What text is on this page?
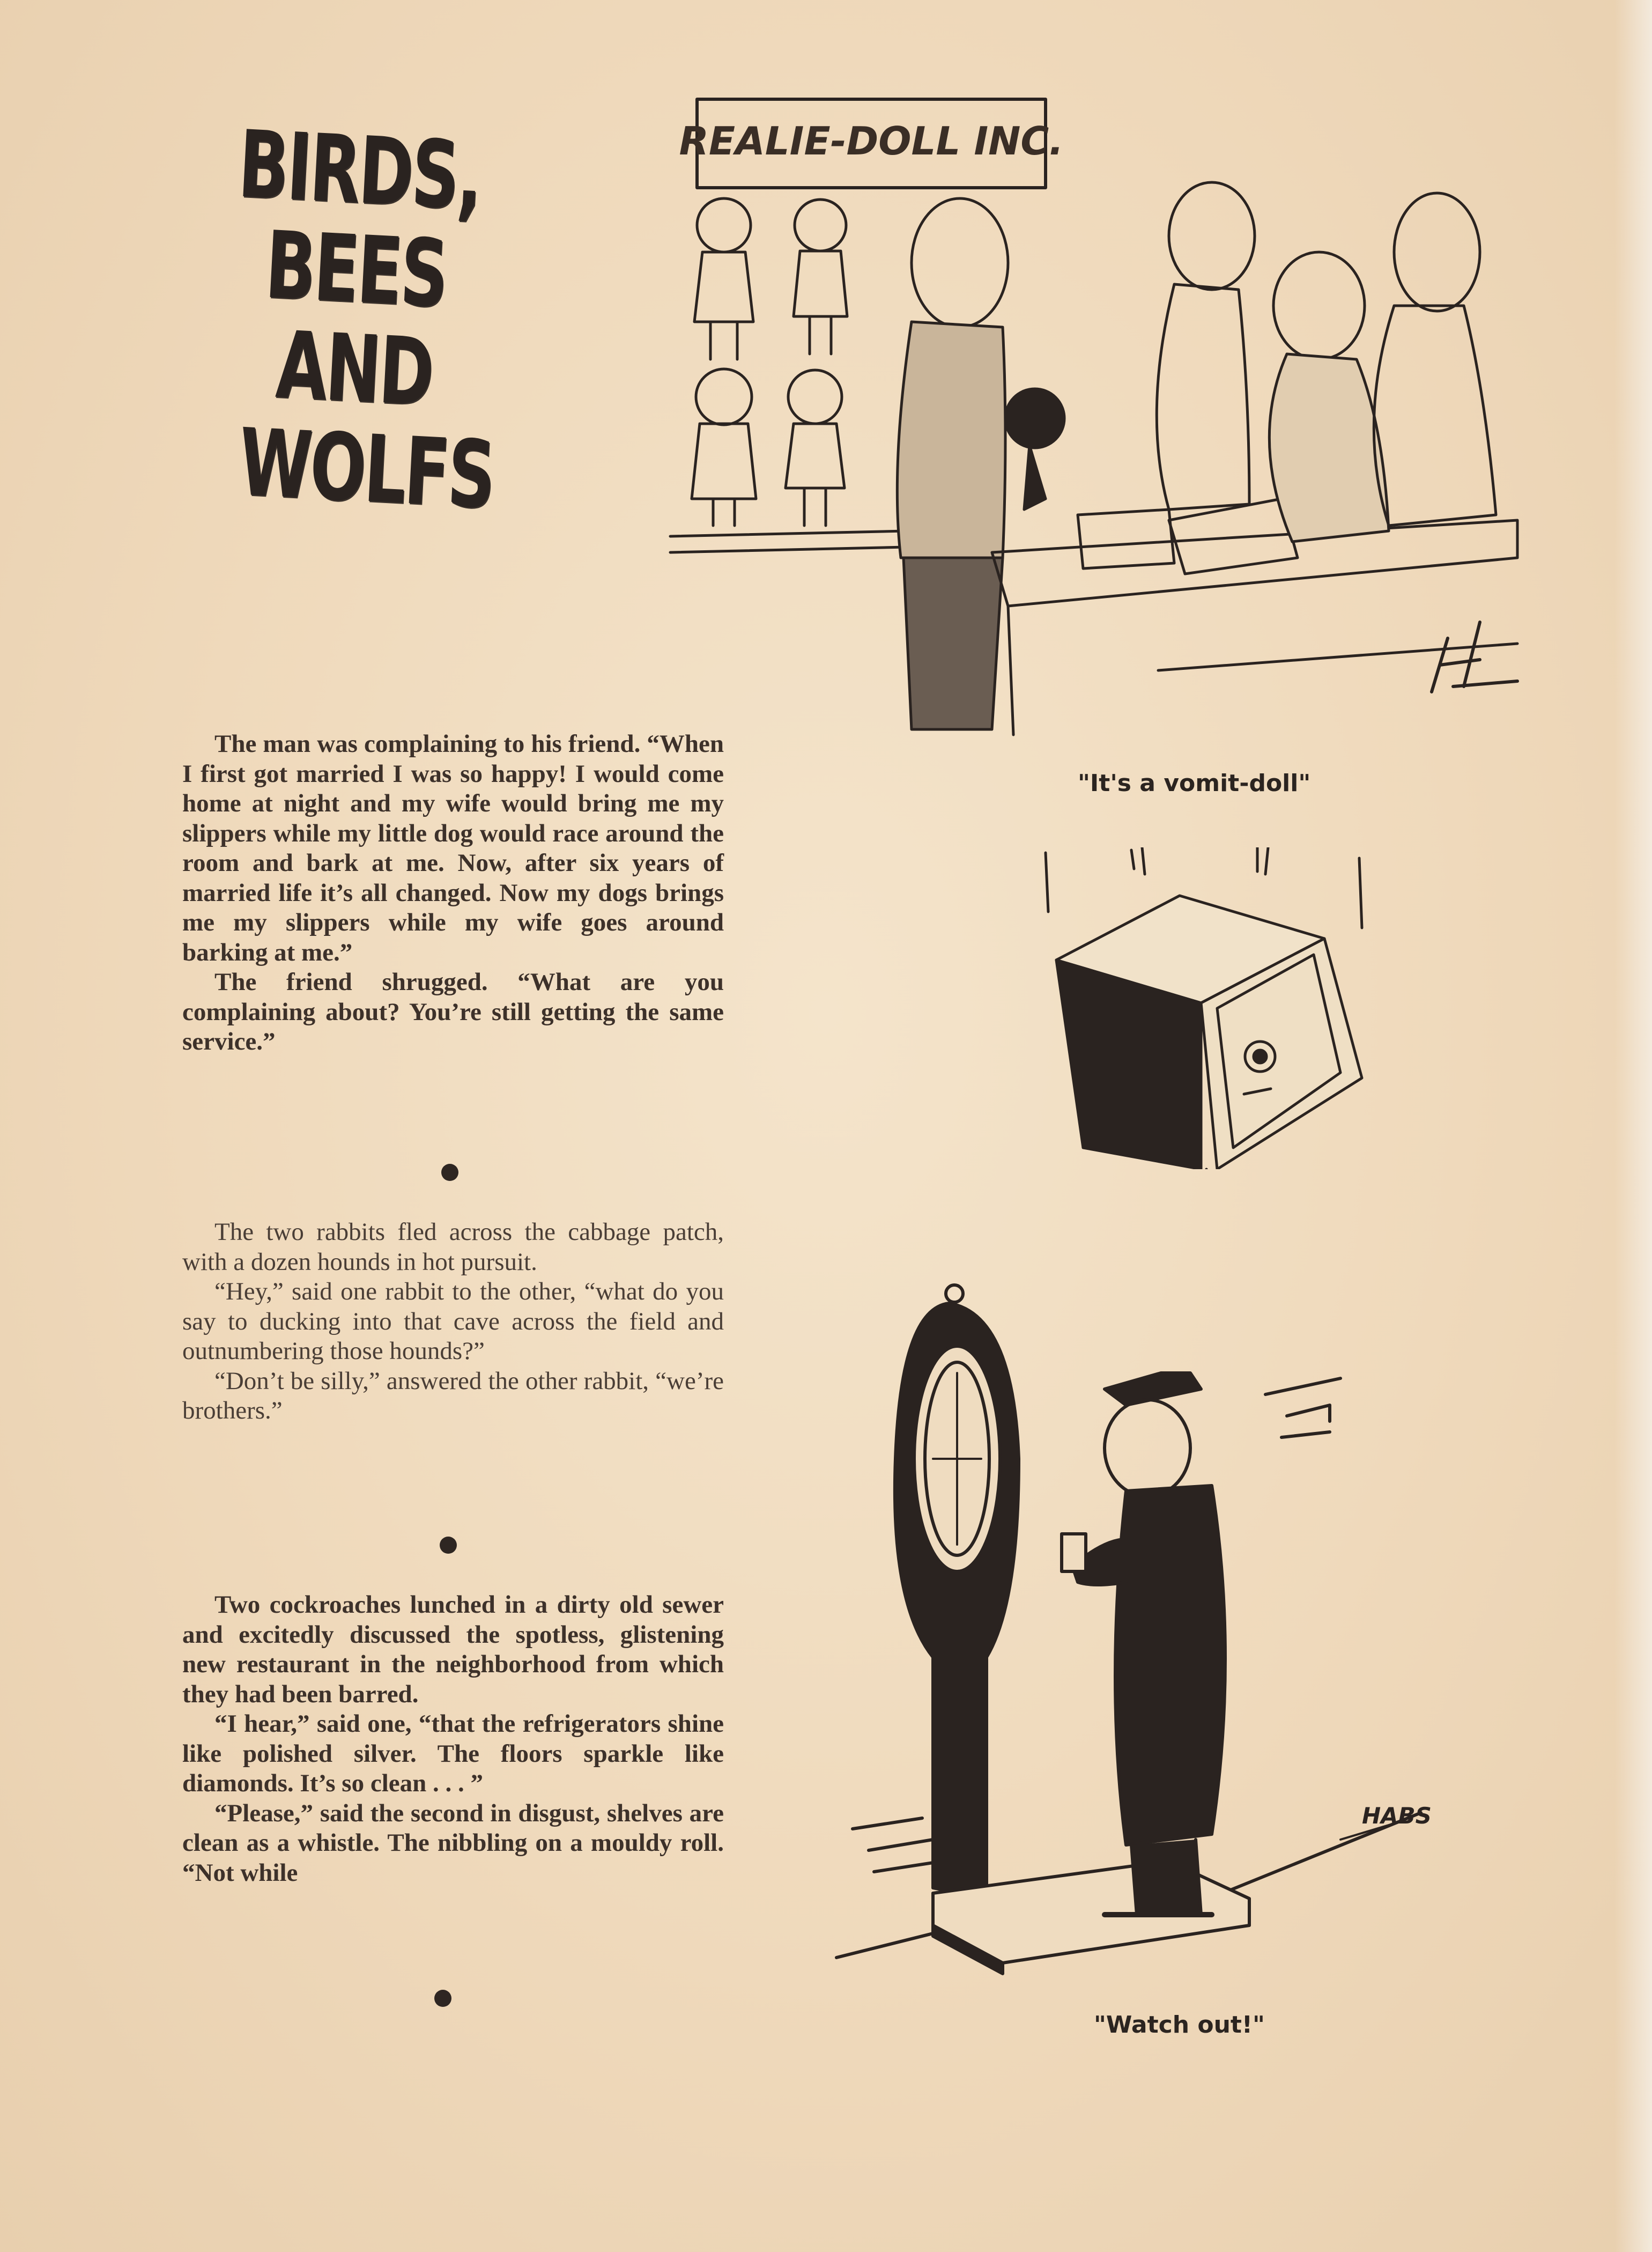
BIRDS,
BEES
AND
WOLFS

The man was complaining to his friend. “When I first got married I was so happy! I would come home at night and my wife would bring me my slippers while my little dog would race around the room and bark at me. Now, after six years of married life it’s all changed. Now my dogs brings me my slippers while my wife goes around barking at me.”

The friend shrugged. “What are you complaining about? You’re still getting the same service.”

The two rabbits fled across the cabbage patch, with a dozen hounds in hot pursuit.

“Hey,” said one rabbit to the other, “what do you say to ducking into that cave across the field and outnumbering those hounds?”

“Don’t be silly,” answered the other rabbit, “we’re brothers.”

Two cockroaches lunched in a dirty old sewer and excitedly discussed the spotless, glistening new restaurant in the neighborhood from which they had been barred.

“I hear,” said one, “that the refrigerators shine like polished silver. The floors sparkle like diamonds. It’s so clean . . . ”

“Please,” said the second in disgust, shelves are clean as a whistle. The nibbling on a mouldy roll. “Not while

REALIE-DOLL INC.
"It's a vomit-doll"
HABS
"Watch out!"
